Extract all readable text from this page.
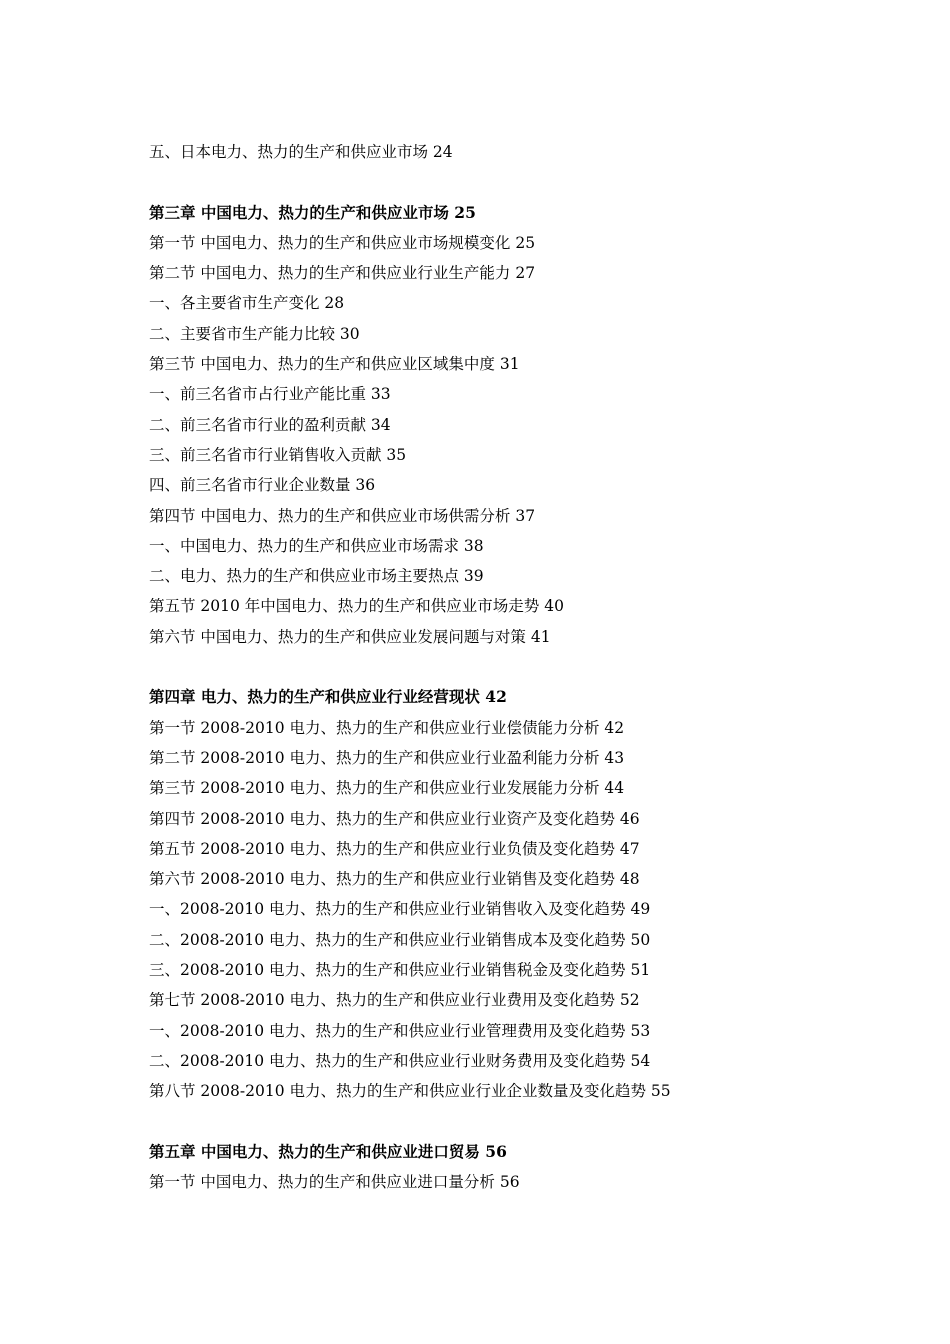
五、日本电力、热力的生产和供应业市场 24
第三章 中国电力、热力的生产和供应业市场 25
第一节 中国电力、热力的生产和供应业市场规模变化 25
第二节 中国电力、热力的生产和供应业行业生产能力 27
一、各主要省市生产变化 28
二、主要省市生产能力比较 30
第三节 中国电力、热力的生产和供应业区域集中度 31
一、前三名省市占行业产能比重 33
二、前三名省市行业的盈利贡献 34
三、前三名省市行业销售收入贡献 35
四、前三名省市行业企业数量 36
第四节 中国电力、热力的生产和供应业市场供需分析 37
一、中国电力、热力的生产和供应业市场需求 38
二、电力、热力的生产和供应业市场主要热点 39
第五节 2010 年中国电力、热力的生产和供应业市场走势 40
第六节 中国电力、热力的生产和供应业发展问题与对策 41
第四章 电力、热力的生产和供应业行业经营现状 42
第一节 2008-2010 电力、热力的生产和供应业行业偿债能力分析 42
第二节 2008-2010 电力、热力的生产和供应业行业盈利能力分析 43
第三节 2008-2010 电力、热力的生产和供应业行业发展能力分析 44
第四节 2008-2010 电力、热力的生产和供应业行业资产及变化趋势 46
第五节 2008-2010 电力、热力的生产和供应业行业负债及变化趋势 47
第六节 2008-2010 电力、热力的生产和供应业行业销售及变化趋势 48
一、2008-2010 电力、热力的生产和供应业行业销售收入及变化趋势 49
二、2008-2010 电力、热力的生产和供应业行业销售成本及变化趋势 50
三、2008-2010 电力、热力的生产和供应业行业销售税金及变化趋势 51
第七节 2008-2010 电力、热力的生产和供应业行业费用及变化趋势 52
一、2008-2010 电力、热力的生产和供应业行业管理费用及变化趋势 53
二、2008-2010 电力、热力的生产和供应业行业财务费用及变化趋势 54
第八节 2008-2010 电力、热力的生产和供应业行业企业数量及变化趋势 55
第五章 中国电力、热力的生产和供应业进口贸易 56
第一节 中国电力、热力的生产和供应业进口量分析 56
